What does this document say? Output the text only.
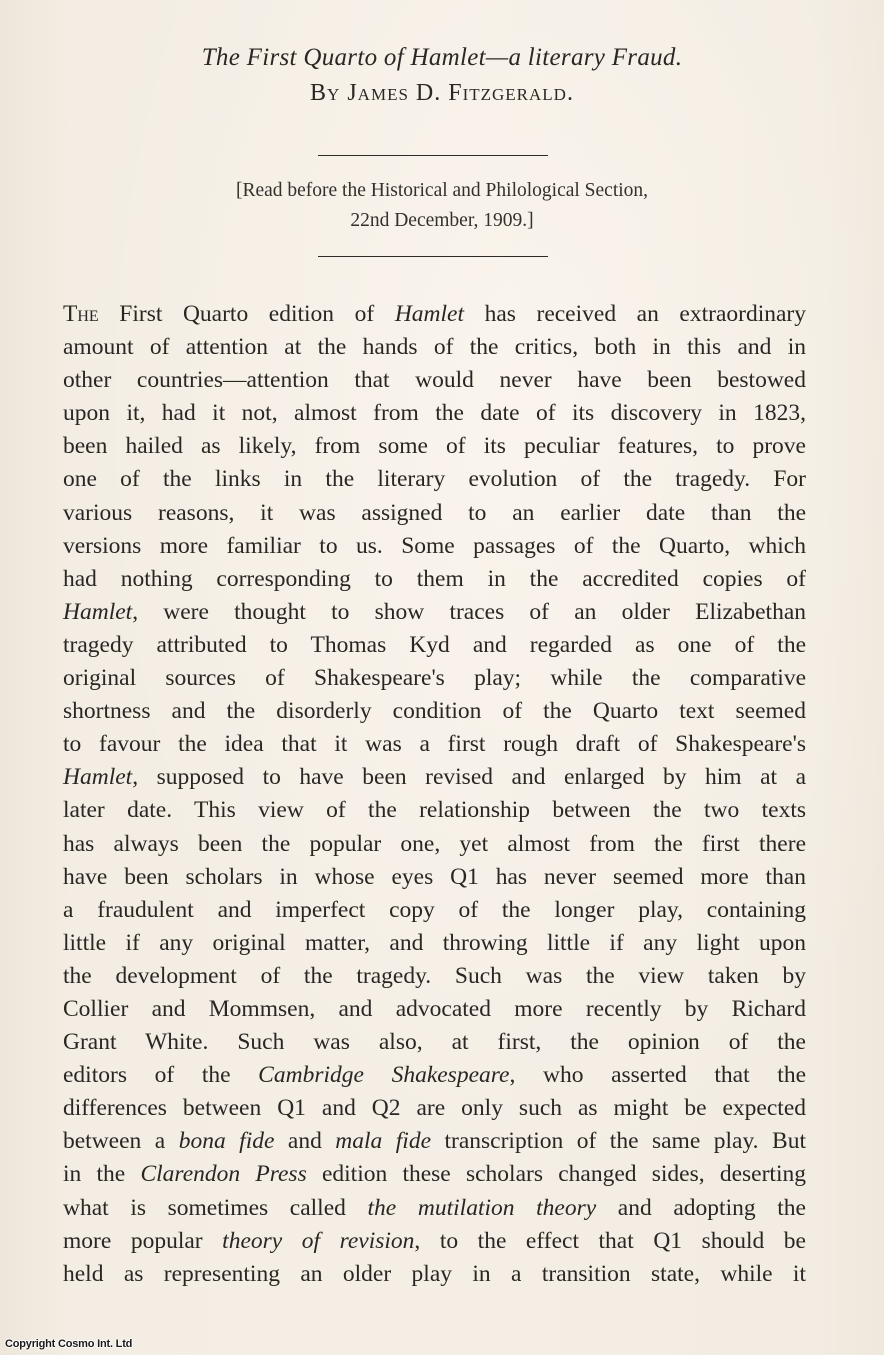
The First Quarto of Hamlet—a literary Fraud.
By James D. Fitzgerald.
[Read before the Historical and Philological Section,
22nd December, 1909.]
The First Quarto edition of Hamlet has received an extraordinary
amount of attention at the hands of the critics, both in this and in
other countries—attention that would never have been bestowed
upon it, had it not, almost from the date of its discovery in 1823,
been hailed as likely, from some of its peculiar features, to prove
one of the links in the literary evolution of the tragedy. For
various reasons, it was assigned to an earlier date than the
versions more familiar to us. Some passages of the Quarto, which
had nothing corresponding to them in the accredited copies of
Hamlet, were thought to show traces of an older Elizabethan
tragedy attributed to Thomas Kyd and regarded as one of the
original sources of Shakespeare's play; while the comparative
shortness and the disorderly condition of the Quarto text seemed
to favour the idea that it was a first rough draft of Shakespeare's
Hamlet, supposed to have been revised and enlarged by him at a
later date. This view of the relationship between the two texts
has always been the popular one, yet almost from the first there
have been scholars in whose eyes Q1 has never seemed more than
a fraudulent and imperfect copy of the longer play, containing
little if any original matter, and throwing little if any light upon
the development of the tragedy. Such was the view taken by
Collier and Mommsen, and advocated more recently by Richard
Grant White. Such was also, at first, the opinion of the
editors of the Cambridge Shakespeare, who asserted that the
differences between Q1 and Q2 are only such as might be expected
between a bona fide and mala fide transcription of the same play. But
in the Clarendon Press edition these scholars changed sides, deserting
what is sometimes called the mutilation theory and adopting the
more popular theory of revision, to the effect that Q1 should be
held as representing an older play in a transition state, while it
Copyright Cosmo Int. Ltd
